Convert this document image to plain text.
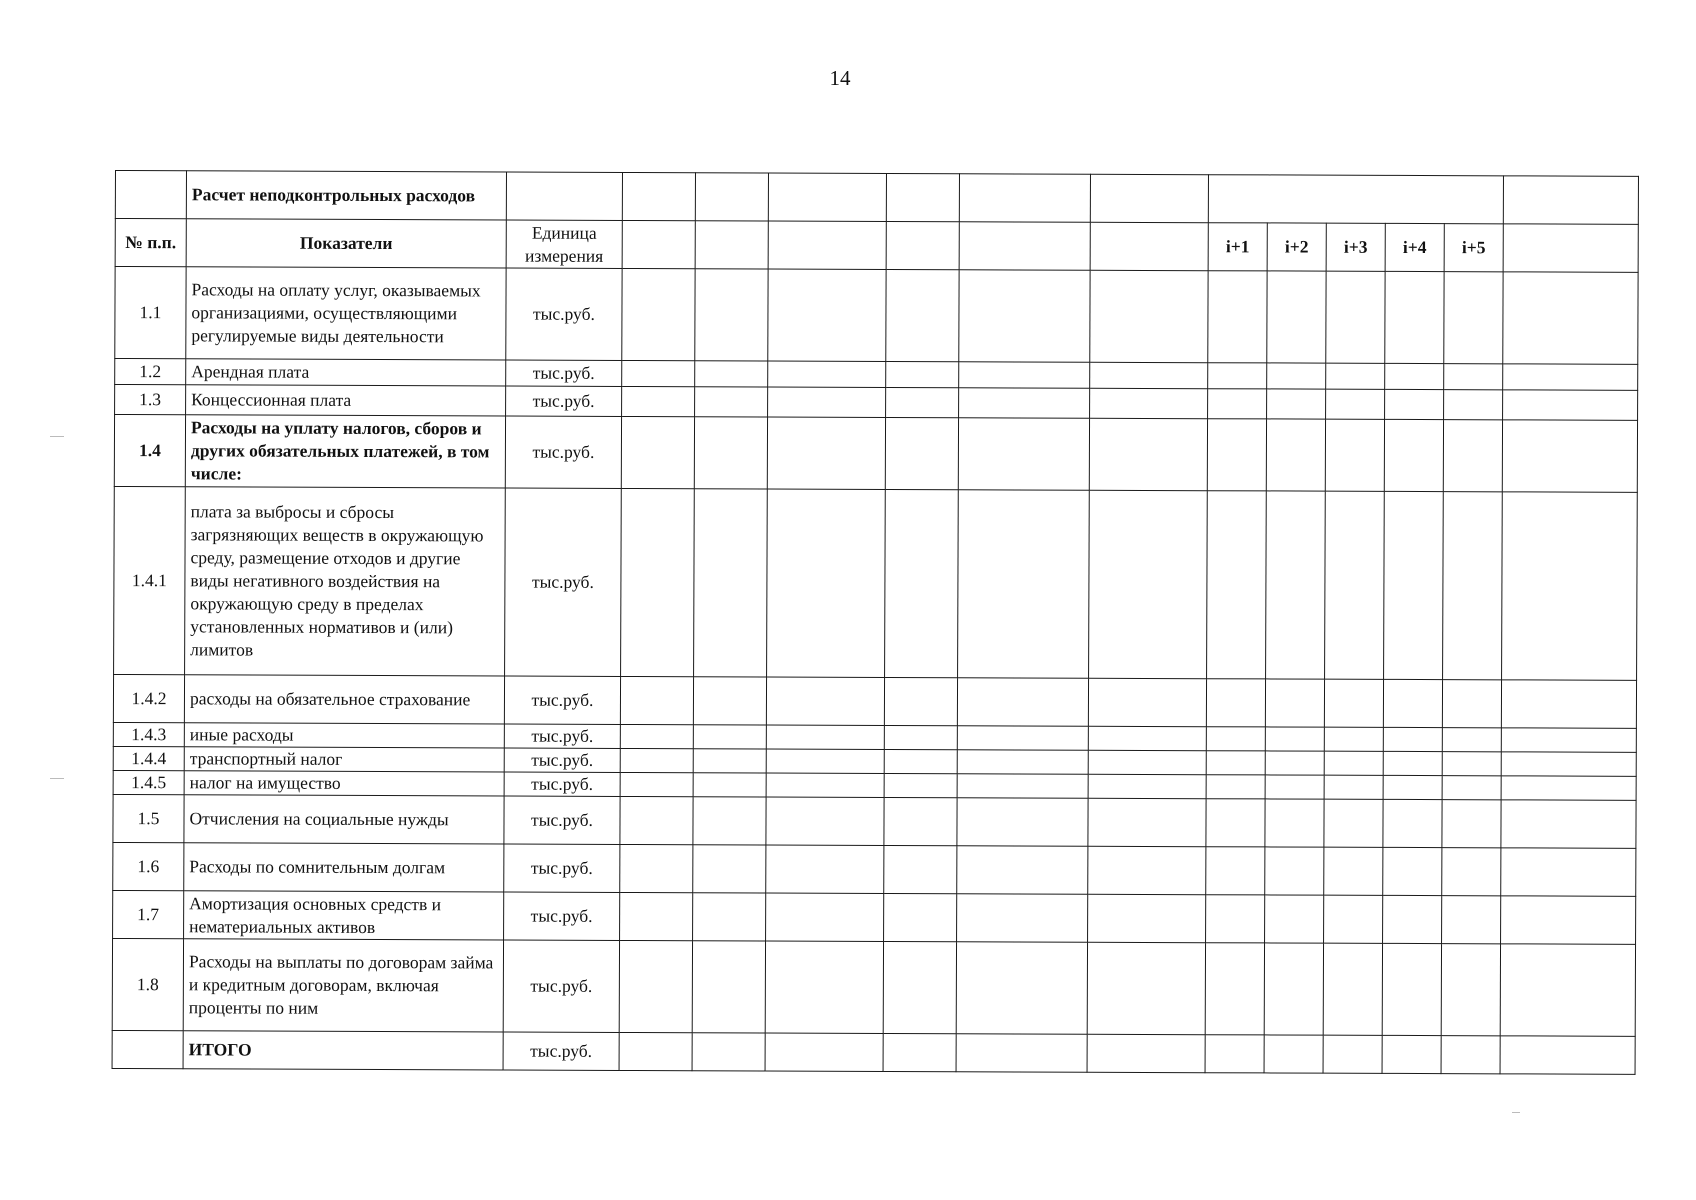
14
	Расчет неподконтрольных расходов													
№ п.п.	Показатели	Единица измерения							i+1	i+2	i+3	i+4	i+5	
1.1	Расходы на оплату услуг, оказываемых организациями, осуществляющими регулируемые виды деятельности	тыс.руб.												
1.2	Арендная плата	тыс.руб.												
1.3	Концессионная плата	тыс.руб.												
1.4	Расходы на уплату налогов, сборов и других обязательных платежей, в том числе:	тыс.руб.												
1.4.1	плата за выбросы и сбросы загрязняющих веществ в окружающую среду, размещение отходов и другие виды негативного воздействия на окружающую среду в пределах установленных нормативов и (или) лимитов	тыс.руб.												
1.4.2	расходы на обязательное страхование	тыс.руб.												
1.4.3	иные расходы	тыс.руб.												
1.4.4	транспортный налог	тыс.руб.												
1.4.5	налог на имущество	тыс.руб.												
1.5	Отчисления на социальные нужды	тыс.руб.												
1.6	Расходы по сомнительным долгам	тыс.руб.												
1.7	Амортизация основных средств и нематериальных активов	тыс.руб.												
1.8	Расходы на выплаты по договорам займа и кредитным договорам, включая проценты по ним	тыс.руб.												
	ИТОГО	тыс.руб.												
